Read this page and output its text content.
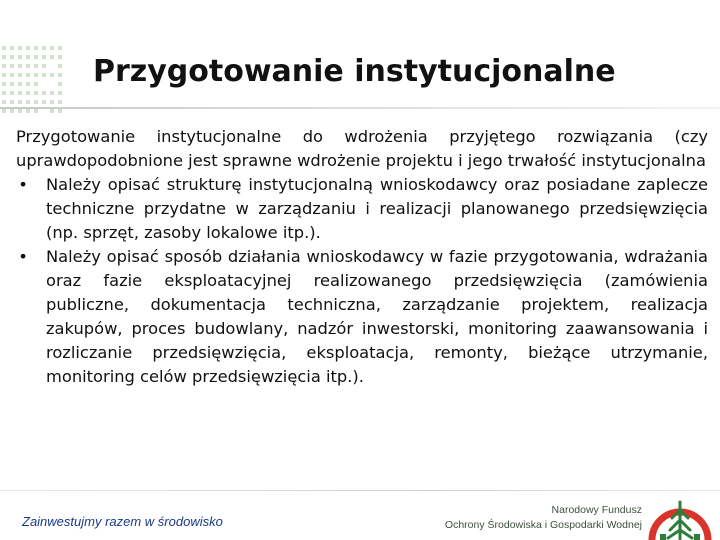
Przygotowanie instytucjonalne

Przygotowanie instytucjonalne do wdrożenia przyjętego rozwiązania (czy uprawdopodobnione jest sprawne wdrożenie projektu i jego trwałość instytucjonalna

• Należy opisać strukturę instytucjonalną wnioskodawcy oraz posiadane zaplecze techniczne przydatne w zarządzaniu i realizacji planowanego przedsięwzięcia (np. sprzęt, zasoby lokalowe itp.).
• Należy opisać sposób działania wnioskodawcy w fazie przygotowania, wdrażania oraz fazie eksploatacyjnej realizowanego przedsięwzięcia (zamówienia publiczne, dokumentacja techniczna, zarządzanie projektem, realizacja zakupów, proces budowlany, nadzór inwestorski, monitoring zaawansowania i rozliczanie przedsięwzięcia, eksploatacja, remonty, bieżące utrzymanie, monitoring celów przedsięwzięcia itp.).
Zainwestujmy razem w środowisko
Narodowy Fundusz
Ochrony Środowiska i Gospodarki Wodnej
